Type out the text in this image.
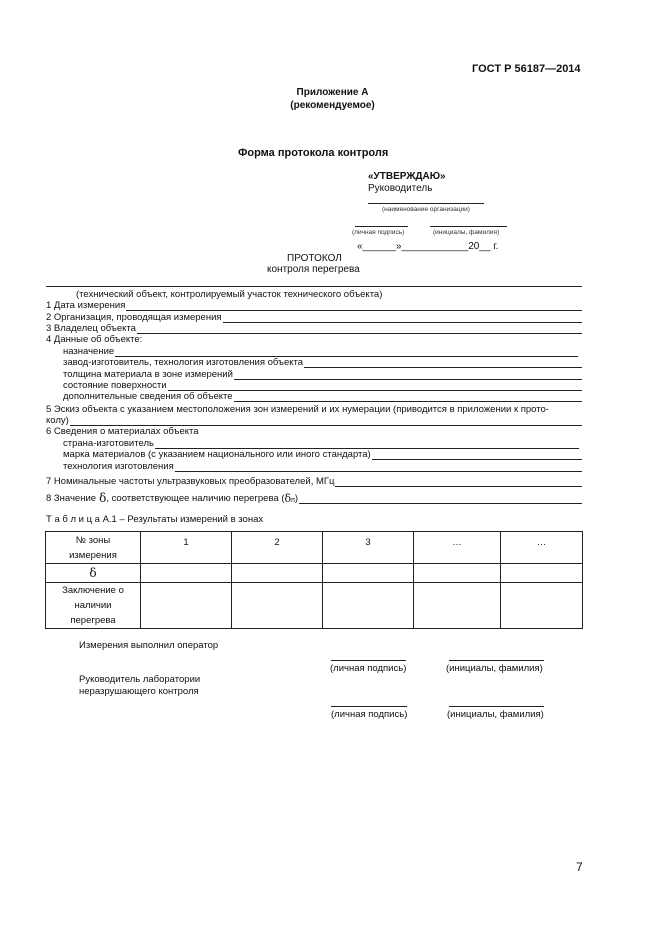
ГОСТ Р 56187—2014
Приложение А
(рекомендуемое)
Форма протокола контроля
«УТВЕРЖДАЮ»
Руководитель
(наименование организации)
(личная подпись)	(инициалы, фамилия)
«______»____________20__ г.
ПРОТОКОЛ
контроля перегрева
(технический объект, контролируемый участок технического объекта)
1 Дата измерения
2 Организация, проводящая измерения
3 Владелец объекта
4 Данные об объекте:
назначение
завод-изготовитель, технология изготовления объекта
толщина материала в зоне измерений
состояние поверхности
дополнительные сведения об объекте
5 Эскиз объекта с указанием местоположения зон измерений и их нумерации (приводится в приложении к прото-
колу)
6 Сведения о материалах объекта
страна-изготовитель
марка материалов (с указанием национального или иного стандарта)
технология изготовления
7 Номинальные частоты ультразвуковых преобразователей, МГц
8 Значение δ , соответствующее наличию перегрева ( δ п )
Т а б л и ц а А.1 – Результаты измерений в зонах
№ зоны
измерения	1	2	3	…	…
δ					

Заключение о
наличии
перегрева					

Измерения выполнил оператор
(личная подпись)	(инициалы, фамилия)
Руководитель лаборатории
неразрушающего контроля
(личная подпись)	(инициалы, фамилия)
7
